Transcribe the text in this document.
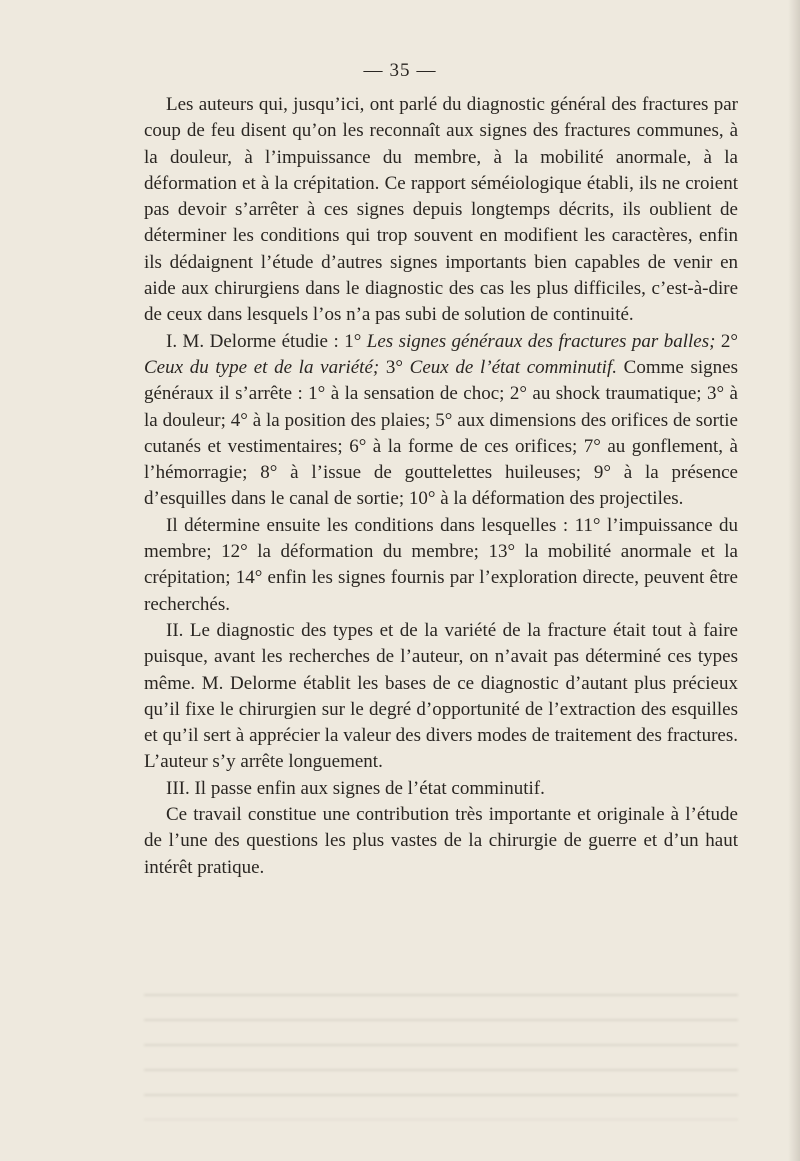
— 35 —

Les auteurs qui, jusqu’ici, ont parlé du diagnostic général des fractures par coup de feu disent qu’on les reconnaît aux signes des fractures communes, à la douleur, à l’impuissance du membre, à la mobilité anormale, à la déformation et à la crépitation. Ce rapport séméiologique établi, ils ne croient pas devoir s’arrêter à ces signes depuis longtemps décrits, ils oublient de déterminer les conditions qui trop souvent en modifient les caractères, enfin ils dédaignent l’étude d’autres signes importants bien capables de venir en aide aux chirurgiens dans le diagnostic des cas les plus difficiles, c’est-à-dire de ceux dans lesquels l’os n’a pas subi de solution de continuité.

I. M. Delorme étudie : 1° Les signes généraux des fractures par balles; 2° Ceux du type et de la variété; 3° Ceux de l’état comminutif. Comme signes généraux il s’arrête : 1° à la sensation de choc; 2° au shock traumatique; 3° à la douleur; 4° à la position des plaies; 5° aux dimensions des orifices de sortie cutanés et vestimentaires; 6° à la forme de ces orifices; 7° au gonflement, à l’hémorragie; 8° à l’issue de gouttelettes huileuses; 9° à la présence d’esquilles dans le canal de sortie; 10° à la déformation des projectiles.

Il détermine ensuite les conditions dans lesquelles : 11° l’impuissance du membre; 12° la déformation du membre; 13° la mobilité anormale et la crépitation; 14° enfin les signes fournis par l’exploration directe, peuvent être recherchés.

II. Le diagnostic des types et de la variété de la fracture était tout à faire puisque, avant les recherches de l’auteur, on n’avait pas déterminé ces types même. M. Delorme établit les bases de ce diagnostic d’autant plus précieux qu’il fixe le chirurgien sur le degré d’opportunité de l’extraction des esquilles et qu’il sert à apprécier la valeur des divers modes de traitement des fractures. L’auteur s’y arrête longuement.

III. Il passe enfin aux signes de l’état comminutif.

Ce travail constitue une contribution très importante et originale à l’étude de l’une des questions les plus vastes de la chirurgie de guerre et d’un haut intérêt pratique.
